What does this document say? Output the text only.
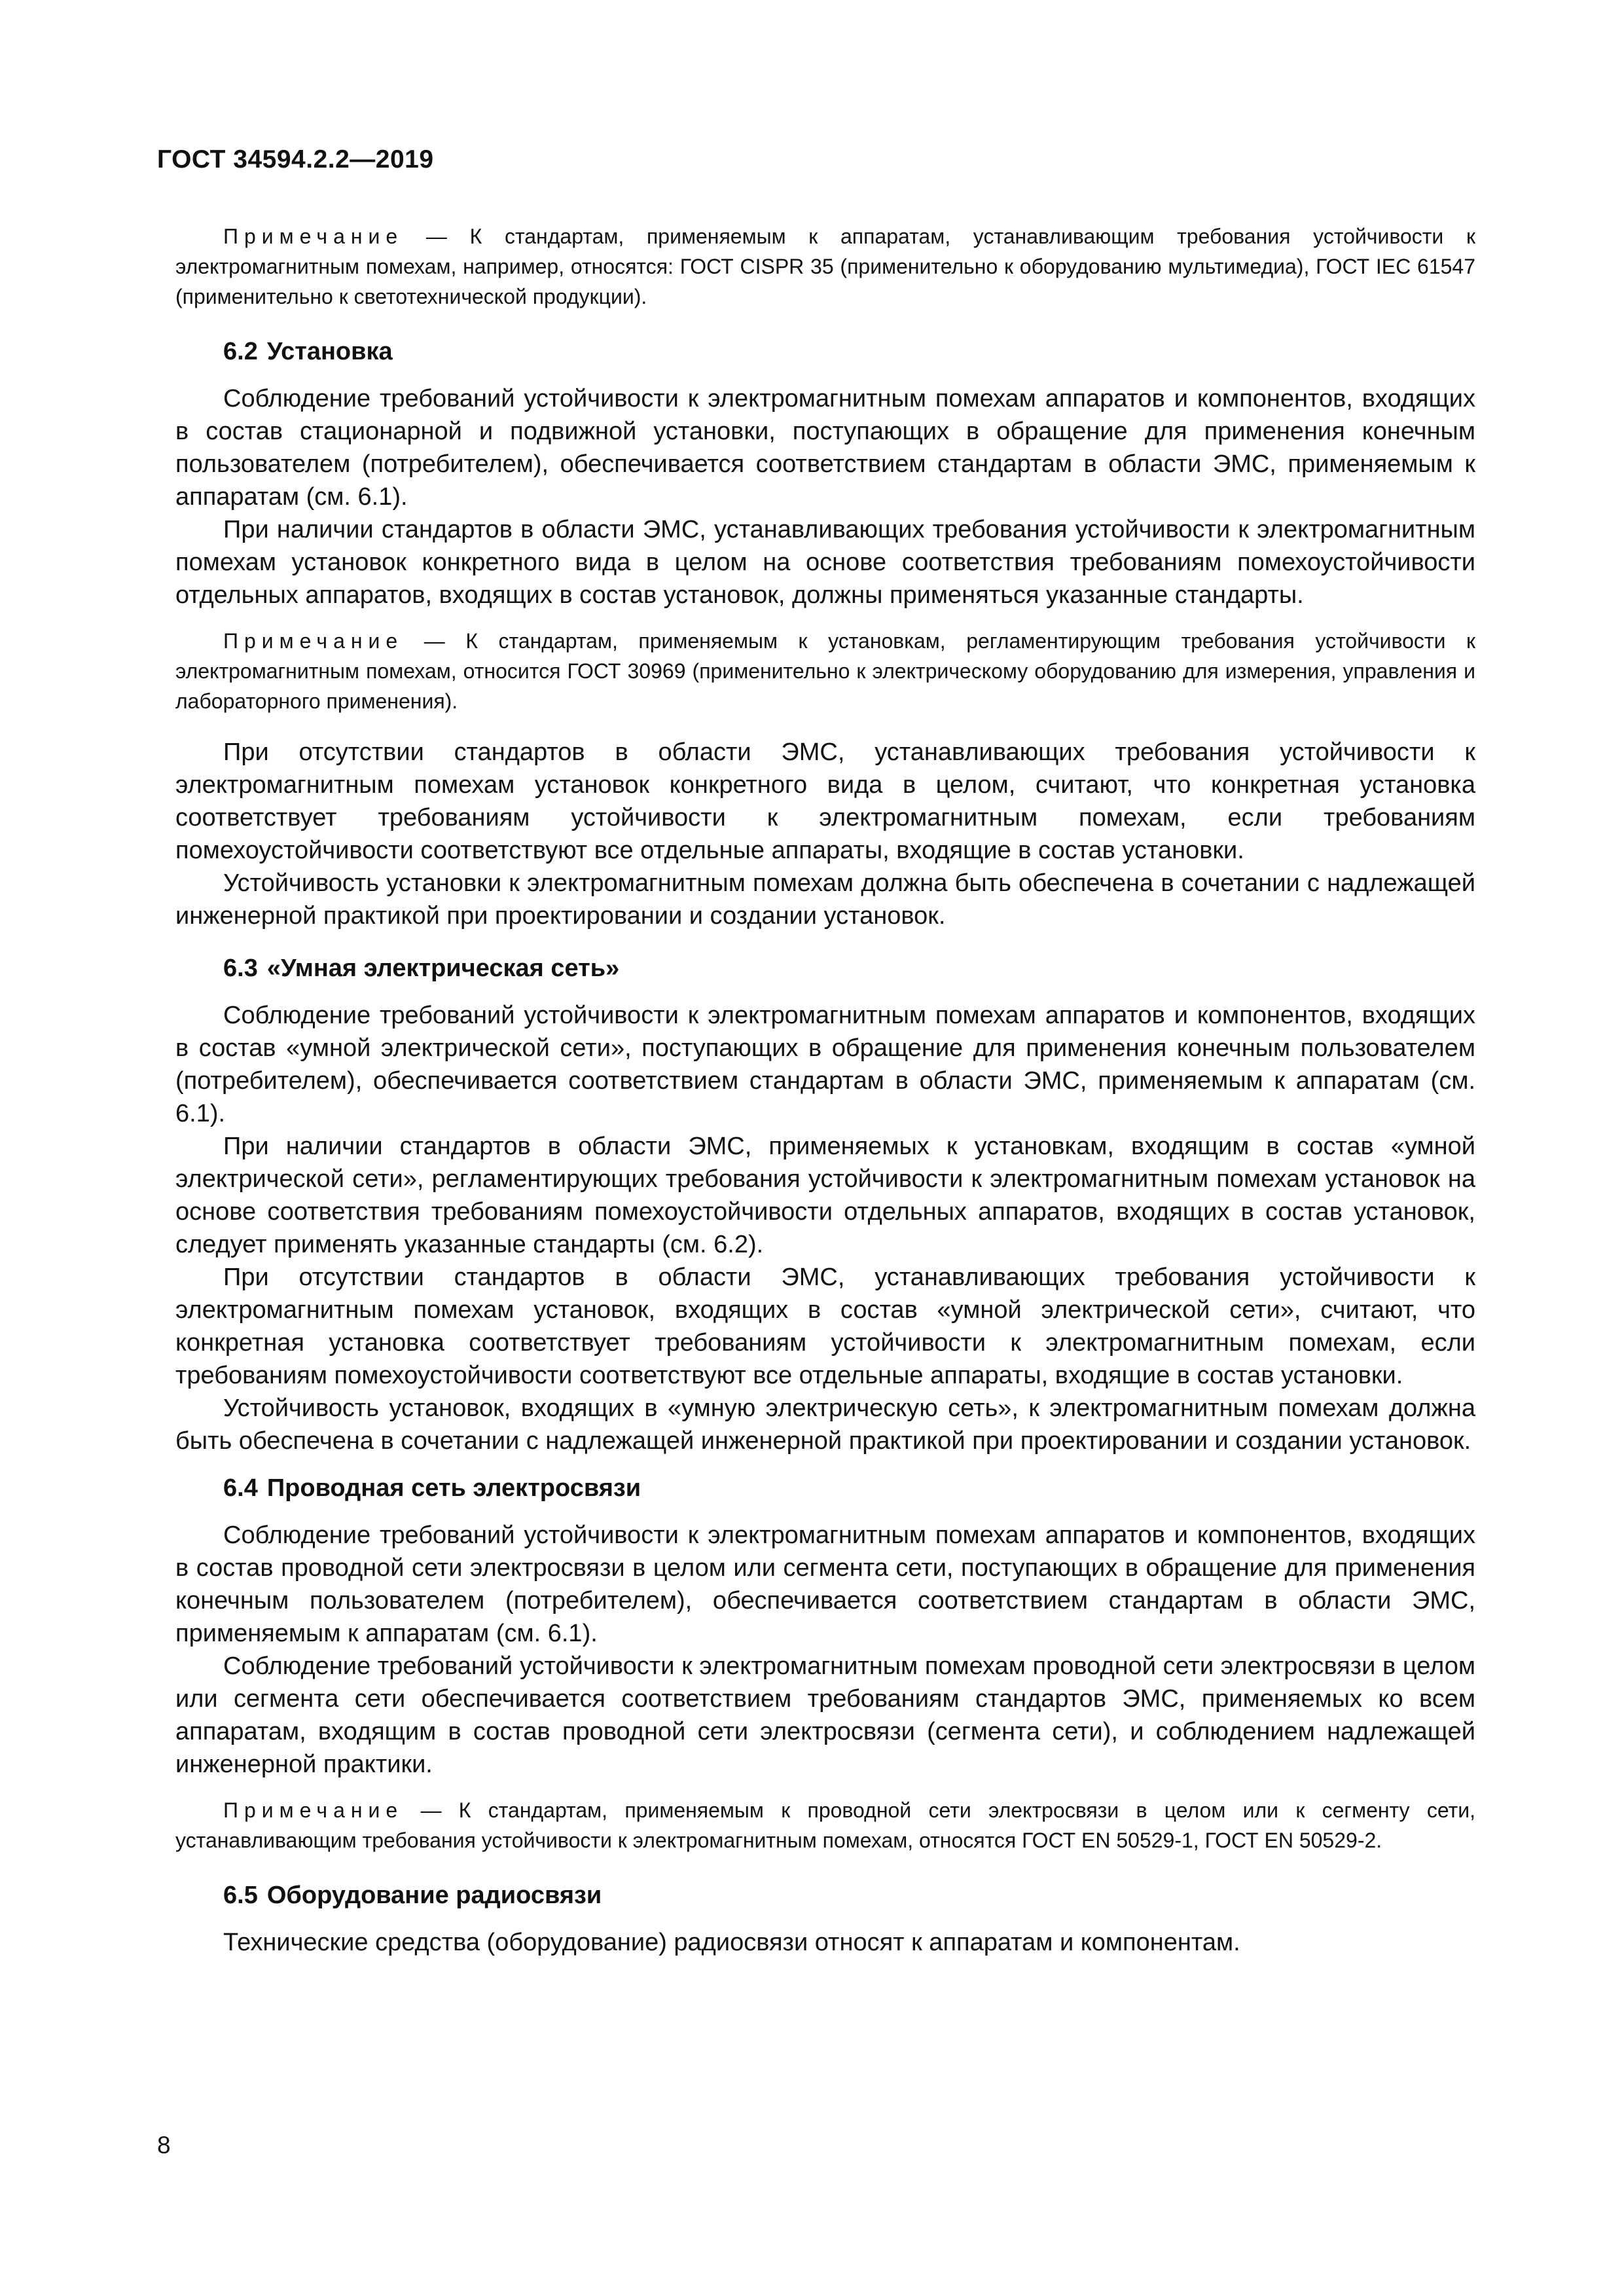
ГОСТ 34594.2.2—2019

Примечание — К стандартам, применяемым к аппаратам, устанавливающим требования устойчивости к электромагнитным помехам, например, относятся: ГОСТ CISPR 35 (применительно к оборудованию мультимедиа), ГОСТ IEC 61547 (применительно к светотехнической продукции).

6.2 Установка

Соблюдение требований устойчивости к электромагнитным помехам аппаратов и компонентов, входящих в состав стационарной и подвижной установки, поступающих в обращение для применения конечным пользователем (потребителем), обеспечивается соответствием стандартам в области ЭМС, применяемым к аппаратам (см. 6.1).

При наличии стандартов в области ЭМС, устанавливающих требования устойчивости к электромагнитным помехам установок конкретного вида в целом на основе соответствия требованиям помехоустойчивости отдельных аппаратов, входящих в состав установок, должны применяться указанные стандарты.

Примечание — К стандартам, применяемым к установкам, регламентирующим требования устойчивости к электромагнитным помехам, относится ГОСТ 30969 (применительно к электрическому оборудованию для измерения, управления и лабораторного применения).

При отсутствии стандартов в области ЭМС, устанавливающих требования устойчивости к электромагнитным помехам установок конкретного вида в целом, считают, что конкретная установка соответствует требованиям устойчивости к электромагнитным помехам, если требованиям помехоустойчивости соответствуют все отдельные аппараты, входящие в состав установки.

Устойчивость установки к электромагнитным помехам должна быть обеспечена в сочетании с надлежащей инженерной практикой при проектировании и создании установок.

6.3 «Умная электрическая сеть»

Соблюдение требований устойчивости к электромагнитным помехам аппаратов и компонентов, входящих в состав «умной электрической сети», поступающих в обращение для применения конечным пользователем (потребителем), обеспечивается соответствием стандартам в области ЭМС, применяемым к аппаратам (см. 6.1).

При наличии стандартов в области ЭМС, применяемых к установкам, входящим в состав «умной электрической сети», регламентирующих требования устойчивости к электромагнитным помехам установок на основе соответствия требованиям помехоустойчивости отдельных аппаратов, входящих в состав установок, следует применять указанные стандарты (см. 6.2).

При отсутствии стандартов в области ЭМС, устанавливающих требования устойчивости к электромагнитным помехам установок, входящих в состав «умной электрической сети», считают, что конкретная установка соответствует требованиям устойчивости к электромагнитным помехам, если требованиям помехоустойчивости соответствуют все отдельные аппараты, входящие в состав установки.

Устойчивость установок, входящих в «умную электрическую сеть», к электромагнитным помехам должна быть обеспечена в сочетании с надлежащей инженерной практикой при проектировании и создании установок.

6.4 Проводная сеть электросвязи

Соблюдение требований устойчивости к электромагнитным помехам аппаратов и компонентов, входящих в состав проводной сети электросвязи в целом или сегмента сети, поступающих в обращение для применения конечным пользователем (потребителем), обеспечивается соответствием стандартам в области ЭМС, применяемым к аппаратам (см. 6.1).

Соблюдение требований устойчивости к электромагнитным помехам проводной сети электросвязи в целом или сегмента сети обеспечивается соответствием требованиям стандартов ЭМС, применяемых ко всем аппаратам, входящим в состав проводной сети электросвязи (сегмента сети), и соблюдением надлежащей инженерной практики.

Примечание — К стандартам, применяемым к проводной сети электросвязи в целом или к сегменту сети, устанавливающим требования устойчивости к электромагнитным помехам, относятся ГОСТ EN 50529-1, ГОСТ EN 50529-2.

6.5 Оборудование радиосвязи

Технические средства (оборудование) радиосвязи относят к аппаратам и компонентам.

8
